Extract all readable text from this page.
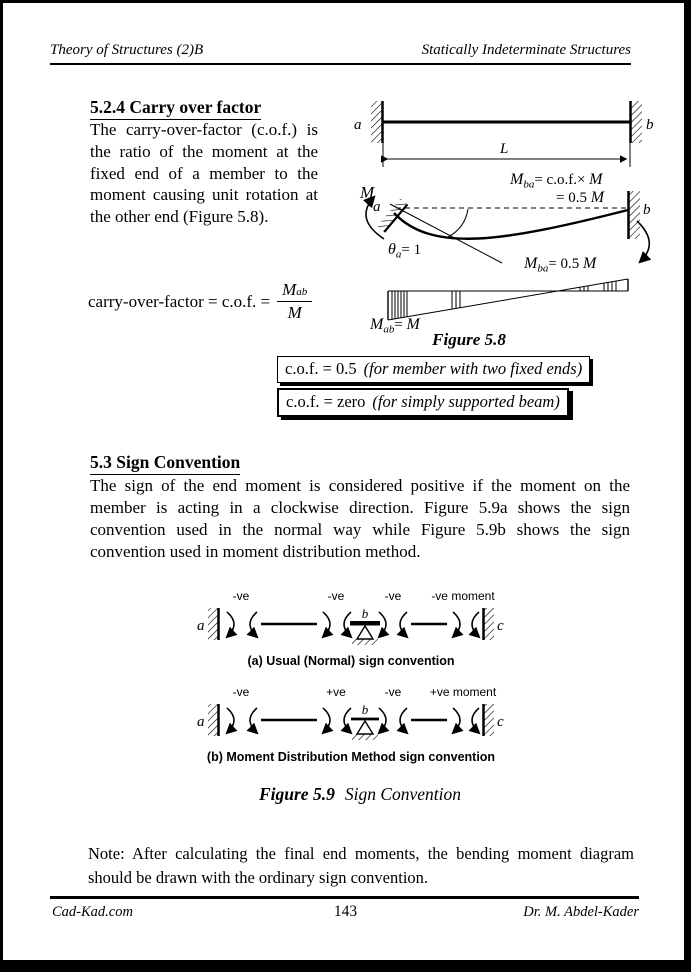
Theory of Structures (2)B	Statically Indeterminate Structures
5.2.4 Carry over factor
The carry-over-factor (c.o.f.) is the ratio of the moment at the fixed end of a member to the moment causing unit rotation at the other end (Figure 5.8).
carry-over-factor = c.o.f. = $\frac{\text{Mab}}{M}$
a	b
L
M
a	b
$\theta_a= 1$
$M_{ba}= c.o.f.\times M$
= 0.5 M
$M_{ba}= 0.5$ M
$M_{ab}= M$
Figure 5.8
c.o.f. = 0.5 (for member with two fixed ends)
c.o.f. = zero (for simply supported beam)
5.3 Sign Convention
The sign of the end moment is considered positive if the moment on the member is acting in a clockwise direction. Figure 5.9a shows the sign convention used in the normal way while Figure 5.9b shows the sign convention used in moment distribution method.
-ve	-ve	-ve -ve moment
a
b
c
(a) Usual (Normal) sign convention
-ve	+ve	-ve +ve moment
a
b
c
(b) Moment Distribution Method sign convention
Figure 5.9 Sign Convention
Note: After calculating the final end moments, the bending moment diagram should be drawn with the ordinary sign convention.
Cad-Kad.com	143	Dr. M. Abdel-Kader
